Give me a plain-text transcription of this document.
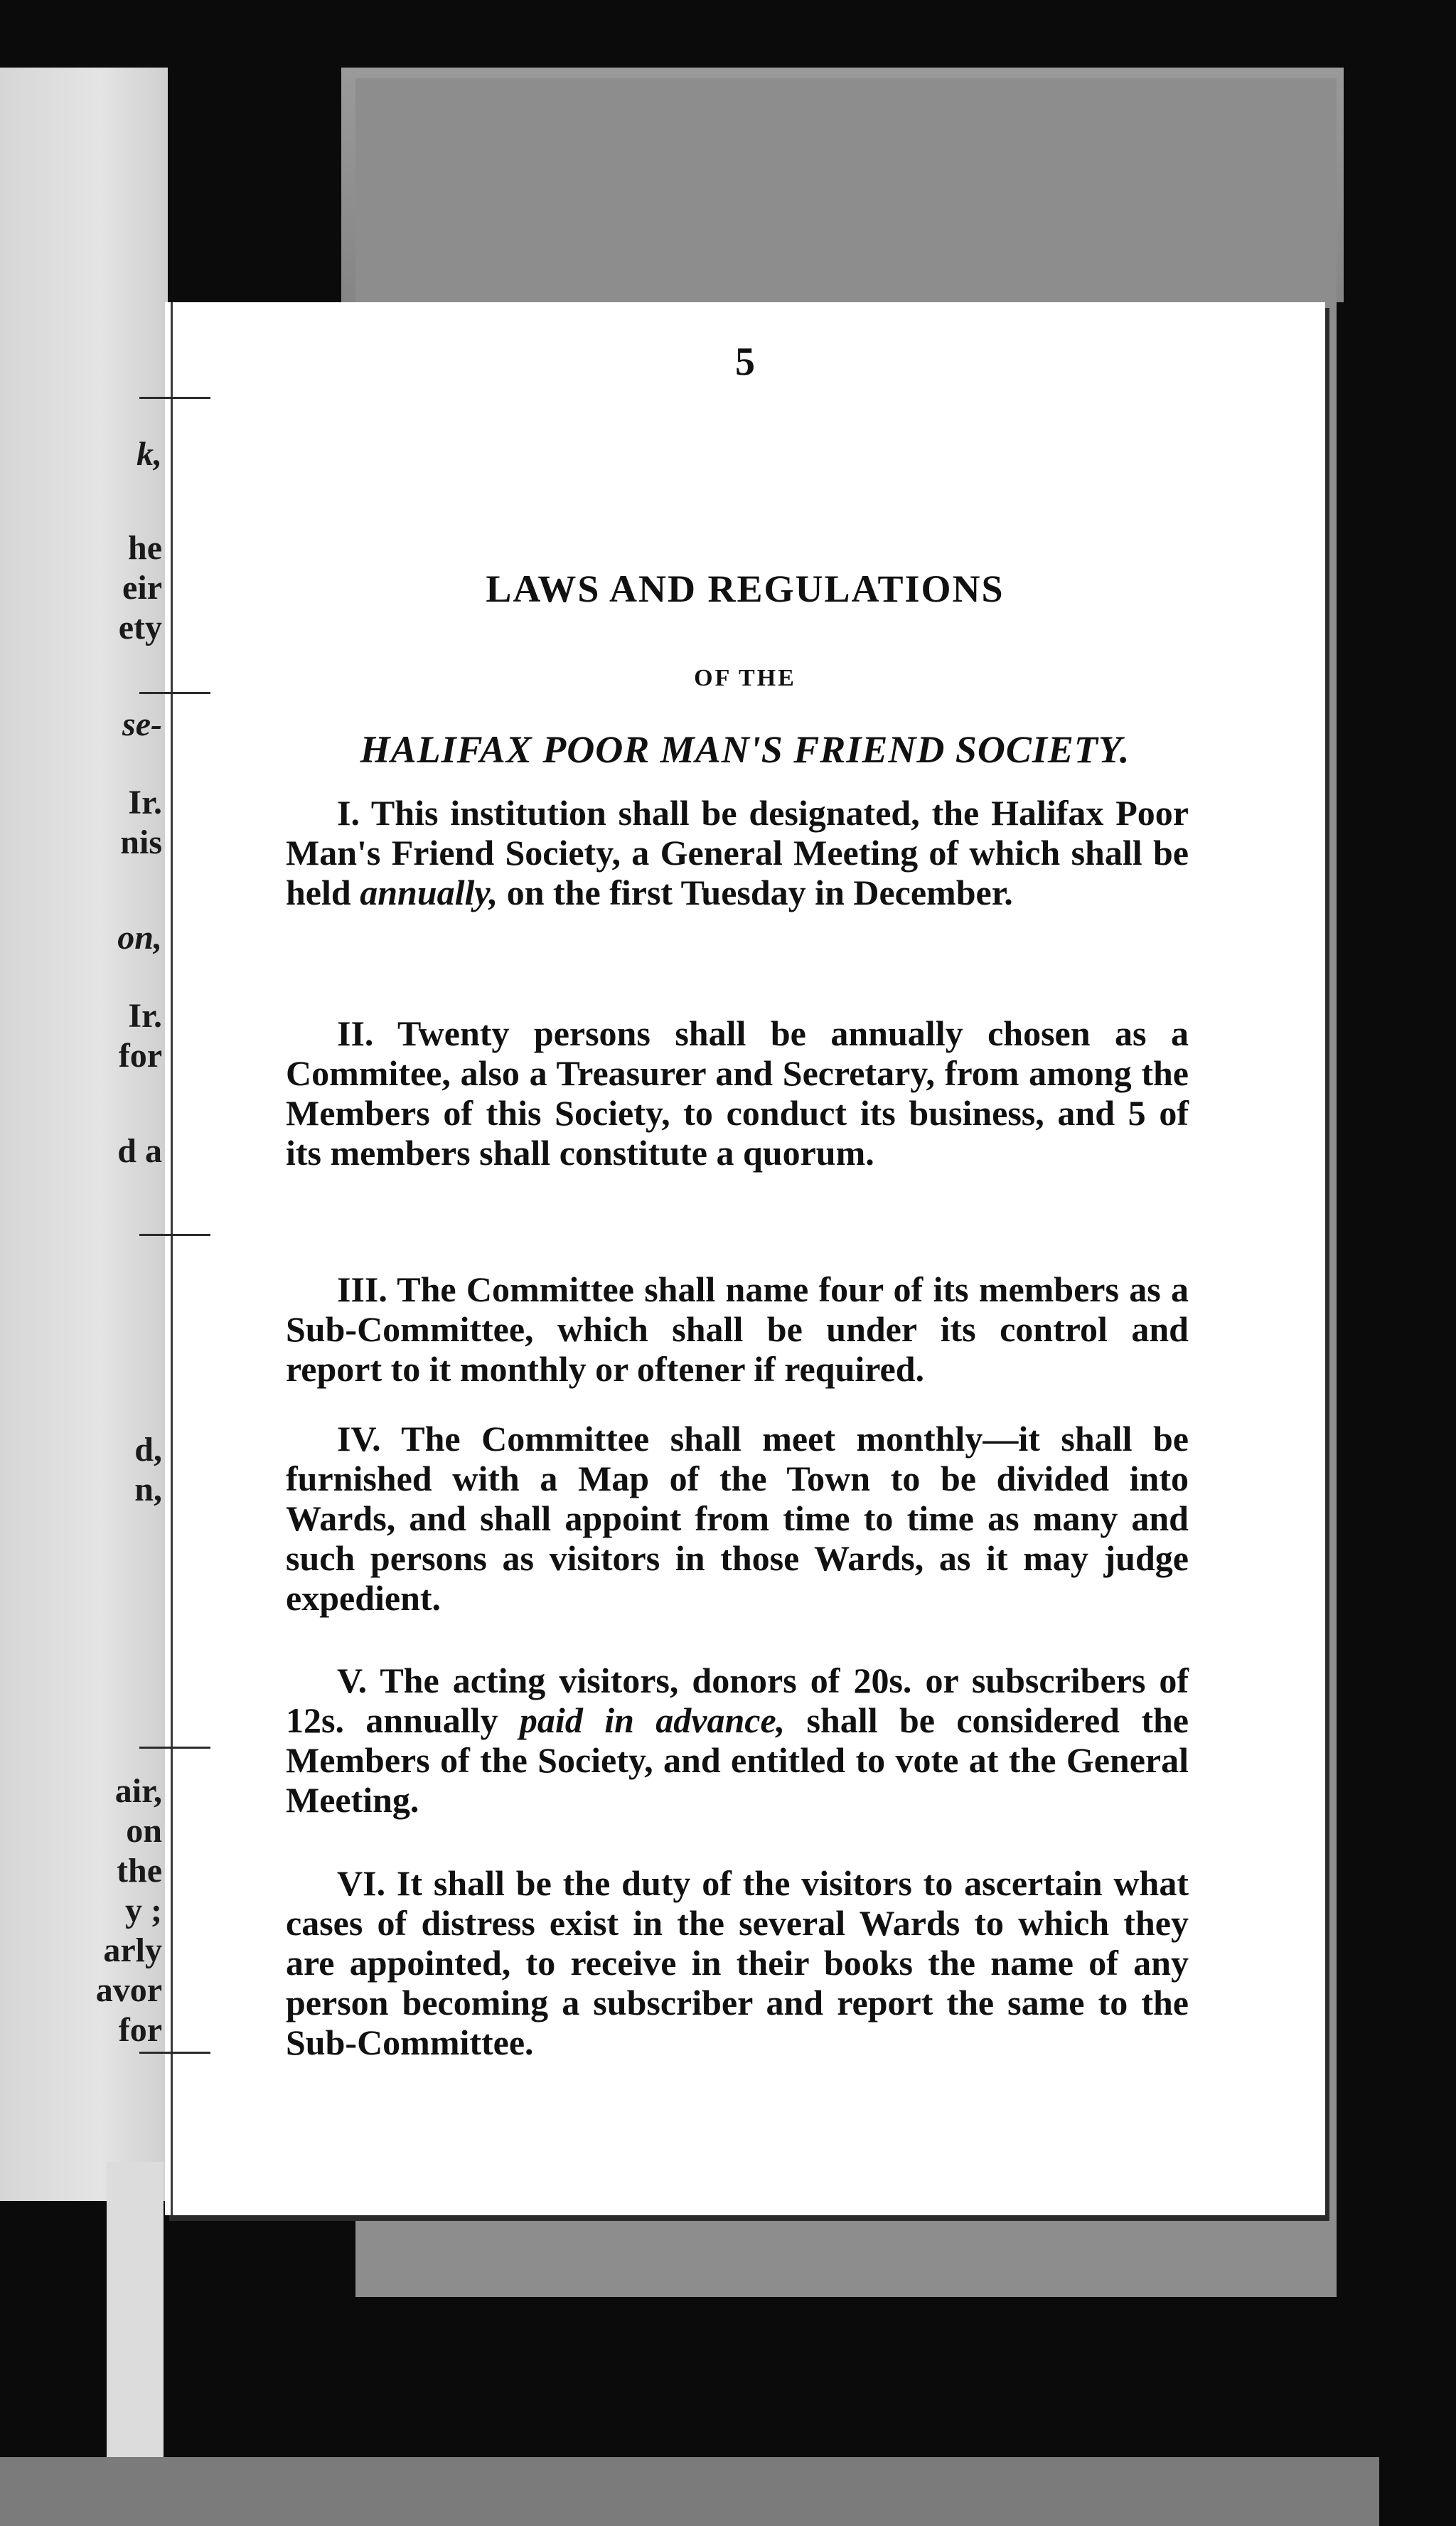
k,
he
eir
ety
se-
Ir.
nis
on,
Ir.
for
d a
d,
n,
air,
on
the
y ;
arly
avor
for
5
LAWS AND REGULATIONS
OF THE
HALIFAX POOR MAN'S FRIEND SOCIETY.

I. This institution shall be designated, the Halifax Poor Man's Friend Society, a General Meeting of which shall be held annually, on the first Tuesday in December.

II. Twenty persons shall be annually chosen as a Commitee, also a Treasurer and Secretary, from among the Members of this Society, to conduct its business, and 5 of its members shall constitute a quorum.

III. The Committee shall name four of its members as a Sub-Committee, which shall be under its control and report to it monthly or oftener if required.

IV. The Committee shall meet monthly—it shall be furnished with a Map of the Town to be divided into Wards, and shall appoint from time to time as many and such persons as visitors in those Wards, as it may judge expedient.

V. The acting visitors, donors of 20s. or subscribers of 12s. annually paid in advance, shall be considered the Members of the Society, and entitled to vote at the General Meeting.

VI. It shall be the duty of the visitors to ascertain what cases of distress exist in the several Wards to which they are appointed, to receive in their books the name of any person becoming a subscriber and report the same to the Sub-Committee.
